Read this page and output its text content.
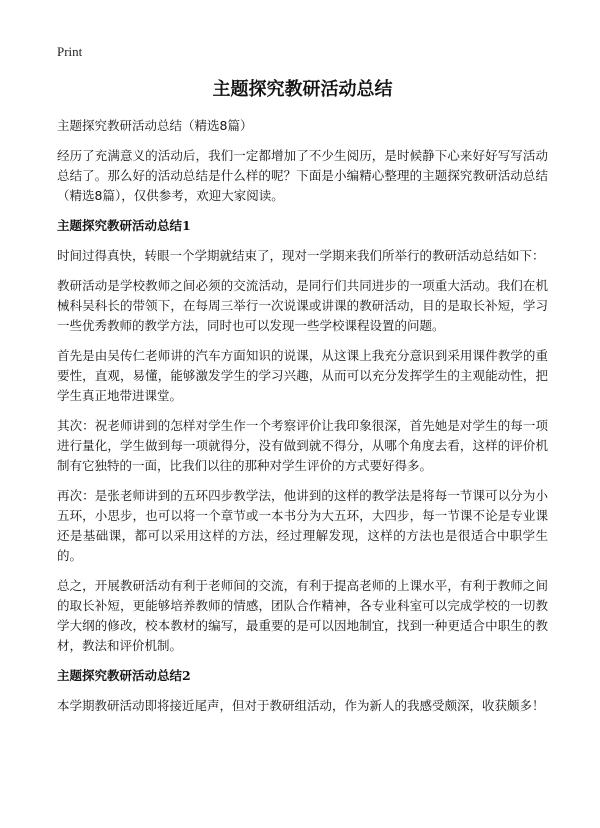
Print
主题探究教研活动总结

主题探究教研活动总结（精选8篇）

经历了充满意义的活动后，我们一定都增加了不少生阅历，是时候静下心来好好写写活动总结了。那么好的活动总结是什么样的呢？下面是小编精心整理的主题探究教研活动总结（精选8篇），仅供参考，欢迎大家阅读。

主题探究教研活动总结1

时间过得真快，转眼一个学期就结束了，现对一学期来我们所举行的教研活动总结如下：

教研活动是学校教师之间必须的交流活动，是同行们共同进步的一项重大活动。我们在机械科吴科长的带领下，在每周三举行一次说课或讲课的教研活动，目的是取长补短，学习一些优秀教师的教学方法，同时也可以发现一些学校课程设置的问题。

首先是由吴传仁老师讲的汽车方面知识的说课，从这课上我充分意识到采用课件教学的重要性，直观，易懂，能够激发学生的学习兴趣，从而可以充分发挥学生的主观能动性，把学生真正地带进课堂。

其次：祝老师讲到的怎样对学生作一个考察评价让我印象很深，首先她是对学生的每一项进行量化，学生做到每一项就得分，没有做到就不得分，从哪个角度去看，这样的评价机制有它独特的一面，比我们以往的那种对学生评价的方式要好得多。

再次：是张老师讲到的五环四步教学法，他讲到的这样的教学法是将每一节课可以分为小五环，小思步，也可以将一个章节或一本书分为大五环，大四步，每一节课不论是专业课还是基础课，都可以采用这样的方法，经过理解发现，这样的方法也是很适合中职学生的。

总之，开展教研活动有利于老师间的交流，有利于提高老师的上课水平，有利于教师之间的取长补短，更能够培养教师的情感，团队合作精神，各专业科室可以完成学校的一切教学大纲的修改，校本教材的编写，最重要的是可以因地制宜，找到一种更适合中职生的教材，教法和评价机制。

主题探究教研活动总结2

本学期教研活动即将接近尾声，但对于教研组活动，作为新人的我感受颇深，收获颇多！
